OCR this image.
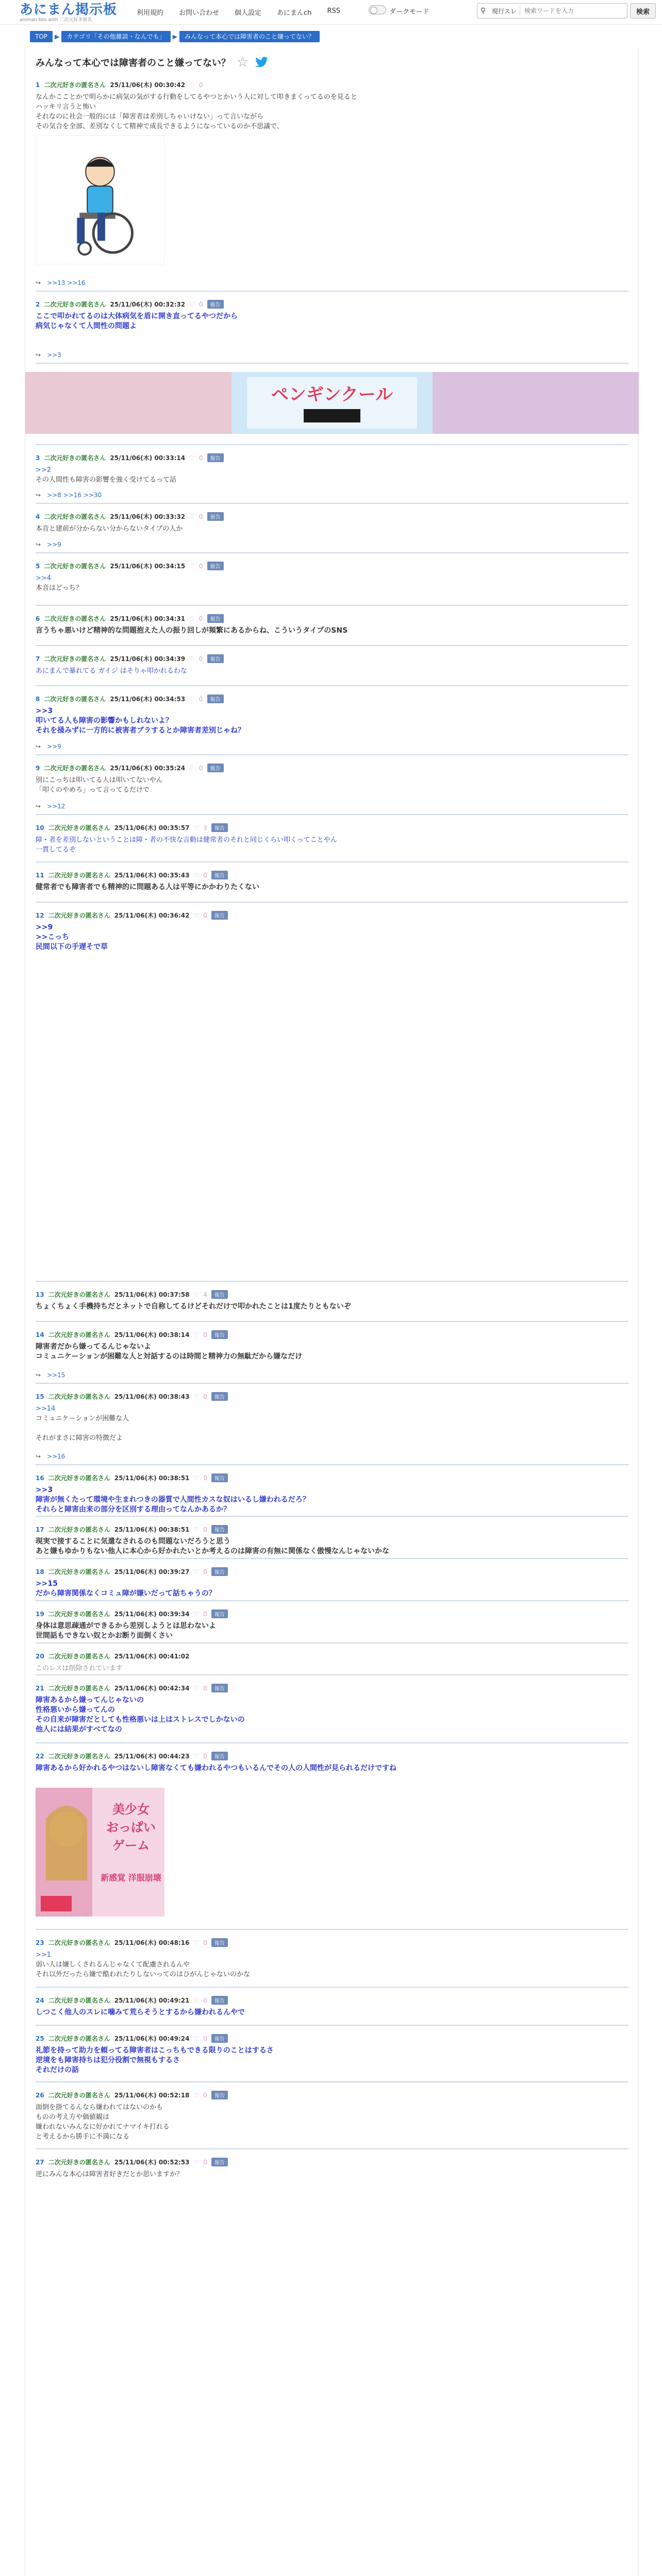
あにまん掲示板
animan bbs with 二次元好き匿名
利用規約 お問い合わせ 個人設定 あにまんch RSS	ダークモード	⚲ 現行スレ
検索ワードを入力	検索
TOP	▶	カテゴリ「その他雑談・なんでも」	▶	みんなって本心では障害者のこと嫌ってない？
みんなって本心では障害者のこと嫌ってない？ ☆
1 二次元好きの匿名さん 25/11/06(木) 00:30:42 ♡ 0
なんかこことかで明らかに病気の気がする行動をしてるやつとかいう人に対して叩きまくってるのを見ると
ハッキリ言うと怖い
それなのに社会一般的には「障害者は差別しちゃいけない」って言いながら
その気合を全部、差別なくして精神で成長できるようになっているのか不思議で、
↪ >>13 >>16
2 二次元好きの匿名さん 25/11/06(木) 00:32:32 ♡ 0	報告
ここで叩かれてるのは大体病気を盾に開き直ってるやつだから
病気じゃなくて人間性の問題よ
↪ >>3
ペンギンクール
3 二次元好きの匿名さん 25/11/06(木) 00:33:14 ♡ 0	報告
>>2
その人間性も障害の影響を強く受けてるって話
↪ >>8 >>16 >>30
4 二次元好きの匿名さん 25/11/06(木) 00:33:32 ♡ 0	報告
本音と建前が分からない分からないタイプの人か
↪ >>9
5 二次元好きの匿名さん 25/11/06(木) 00:34:15 ♡ 0	報告
>>4
本音はどっち？
6 二次元好きの匿名さん 25/11/06(木) 00:34:31 ♡ 0	報告
言うちゃ悪いけど精神的な問題抱えた人の振り回しが頻繁にあるからね、こういうタイプのSNS
7 二次元好きの匿名さん 25/11/06(木) 00:34:39 ♡ 0	報告
あにまんで暴れてる ガイジ はそりゃ叩かれるわな
8 二次元好きの匿名さん 25/11/06(木) 00:34:53 ♡ 0	報告
>>3
叩いてる人も障害の影響かもしれないよ？
それを掻みずに一方的に被害者ブラするとか障害者差別じゃね？
↪ >>9
9 二次元好きの匿名さん 25/11/06(木) 00:35:24 ♡ 0	報告
別にこっちは叩いてる人は叩いてないやん
「叩くのやめろ」って言ってるだけで
↪ >>12
10 二次元好きの匿名さん 25/11/06(木) 00:35:57 ♡ 3	報告
障・者を差別しないということは障・者の不快な言動は健常者のそれと同じくらい叩くってことやん
一貫してるぞ
11 二次元好きの匿名さん 25/11/06(木) 00:35:43 ♡ 0	報告
健常者でも障害者でも精神的に問題ある人は平等にかかわりたくない
12 二次元好きの匿名さん 25/11/06(木) 00:36:42 ♡ 0	報告
>>9
>>こっち
民間以下の手遅そで草
13 二次元好きの匿名さん 25/11/06(木) 00:37:58 ♡ 4	報告
ちょくちょく手機持ちだとネットで自称してるけどそれだけで叩かれたことは1度たりともないぞ
14 二次元好きの匿名さん 25/11/06(木) 00:38:14 ♡ 0	報告
障害者だから嫌ってるんじゃないよ
コミュニケーションが困難な人と対話するのは時間と精神力の無駄だから嫌なだけ
↪ >>15
15 二次元好きの匿名さん 25/11/06(木) 00:38:43 ♡ 0	報告
>>14
コミュニケーションが困難な人
それがまさに障害の特徴だよ
↪ >>16
16 二次元好きの匿名さん 25/11/06(木) 00:38:51 ♡ 0	報告
>>3
障害が無くたって環境や生まれつきの器質で人間性カスな奴はいるし嫌われるだろ？
それらと障害由来の部分を区別する理由ってなんかあるか？
17 二次元好きの匿名さん 25/11/06(木) 00:38:51 ♡ 0	報告
現実で接することに気遣なされるのも問題ないだろうと思う
あと嫌もゆかりもない他人に本心から好かれたいとか考えるのは障害の有無に関係なく傲慢なんじゃないかな
18 二次元好きの匿名さん 25/11/06(木) 00:39:27 ♡ 0	報告
>>15
だから障害関係なくコミュ障が嫌いだって話ちゃうの？
19 二次元好きの匿名さん 25/11/06(木) 00:39:34 ♡ 0	報告
身体は意思疎通ができるから差別しようとは思わないよ
世間話もできない奴とかお断り面倒くさい
20 二次元好きの匿名さん 25/11/06(木) 00:41:02
このレスは削除されています
21 二次元好きの匿名さん 25/11/06(木) 00:42:34 ♡ 0	報告
障害あるから嫌ってんじゃないの
性格悪いから嫌ってんの
その自来が障害だとしても性格悪いは上はストレスでしかないの
他人には結果がすべてなの
22 二次元好きの匿名さん 25/11/06(木) 00:44:23 ♡ 0	報告
障害あるから好かれるやつはないし障害なくても嫌われるやつもいるんでその人の人間性が見られるだけですね
美少女
おっぱい
ゲーム
新感覚 洋服崩壊
23 二次元好きの匿名さん 25/11/06(木) 00:48:16 ♡ 0	報告
>>1
弱い人は嫌しくされるんじゃなくて配慮されるんや
それ以外だったら嫌で酷われたりしないってのはひがんじゃないのかな
24 二次元好きの匿名さん 25/11/06(木) 00:49:21 ♡ 0	報告
しつこく他人のスレに噛みて荒らそうとするから嫌われるんやで
25 二次元好きの匿名さん 25/11/06(木) 00:49:24 ♡ 0	報告
礼節を持って助力を頼ってる障害者はこっちもできる限りのことはするさ
逆境をも障害持ちは犯分役割で無視もするさ
それだけの話
26 二次元好きの匿名さん 25/11/06(木) 00:52:18 ♡ 0	報告
面倒を掛てるんなら嫌われてはないのかも
ものの考え方や価値観は
嫌われないみんなに好かれてナマイキ打れる
と考えるから勝手に不満になる
27 二次元好きの匿名さん 25/11/06(木) 00:52:53 ♡ 0	報告
逆にみんな本心は障害者好きだとか思いますか？
